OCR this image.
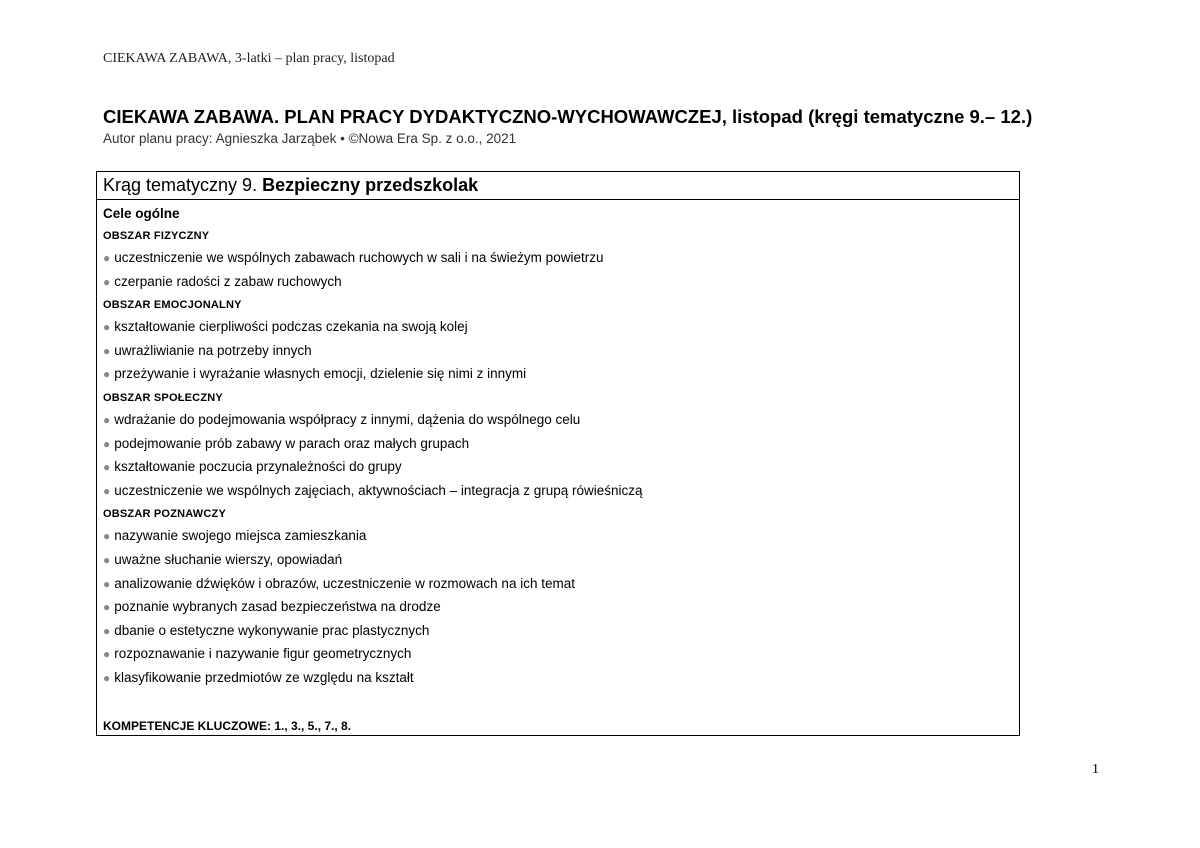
CIEKAWA ZABAWA, 3-latki – plan pracy, listopad
CIEKAWA ZABAWA. PLAN PRACY DYDAKTYCZNO-WYCHOWAWCZEJ, listopad (kręgi tematyczne 9.– 12.)
Autor planu pracy: Agnieszka Jarząbek • ©Nowa Era Sp. z o.o., 2021
Krąg tematyczny 9. Bezpieczny przedszkolak
Cele ogólne
OBSZAR FIZYCZNY
● uczestniczenie we wspólnych zabawach ruchowych w sali i na świeżym powietrzu
● czerpanie radości z zabaw ruchowych
OBSZAR EMOCJONALNY
● kształtowanie cierpliwości podczas czekania na swoją kolej
● uwrażliwianie na potrzeby innych
● przeżywanie i wyrażanie własnych emocji, dzielenie się nimi z innymi
OBSZAR SPOŁECZNY
● wdrażanie do podejmowania współpracy z innymi, dążenia do wspólnego celu
● podejmowanie prób zabawy w parach oraz małych grupach
● kształtowanie poczucia przynależności do grupy
● uczestniczenie we wspólnych zajęciach, aktywnościach – integracja z grupą rówieśniczą
OBSZAR POZNAWCZY
● nazywanie swojego miejsca zamieszkania
● uważne słuchanie wierszy, opowiadań
● analizowanie dźwięków i obrazów, uczestniczenie w rozmowach na ich temat
● poznanie wybranych zasad bezpieczeństwa na drodze
● dbanie o estetyczne wykonywanie prac plastycznych
● rozpoznawanie i nazywanie figur geometrycznych
● klasyfikowanie przedmiotów ze względu na kształt
KOMPETENCJE KLUCZOWE: 1., 3., 5., 7., 8.
1
